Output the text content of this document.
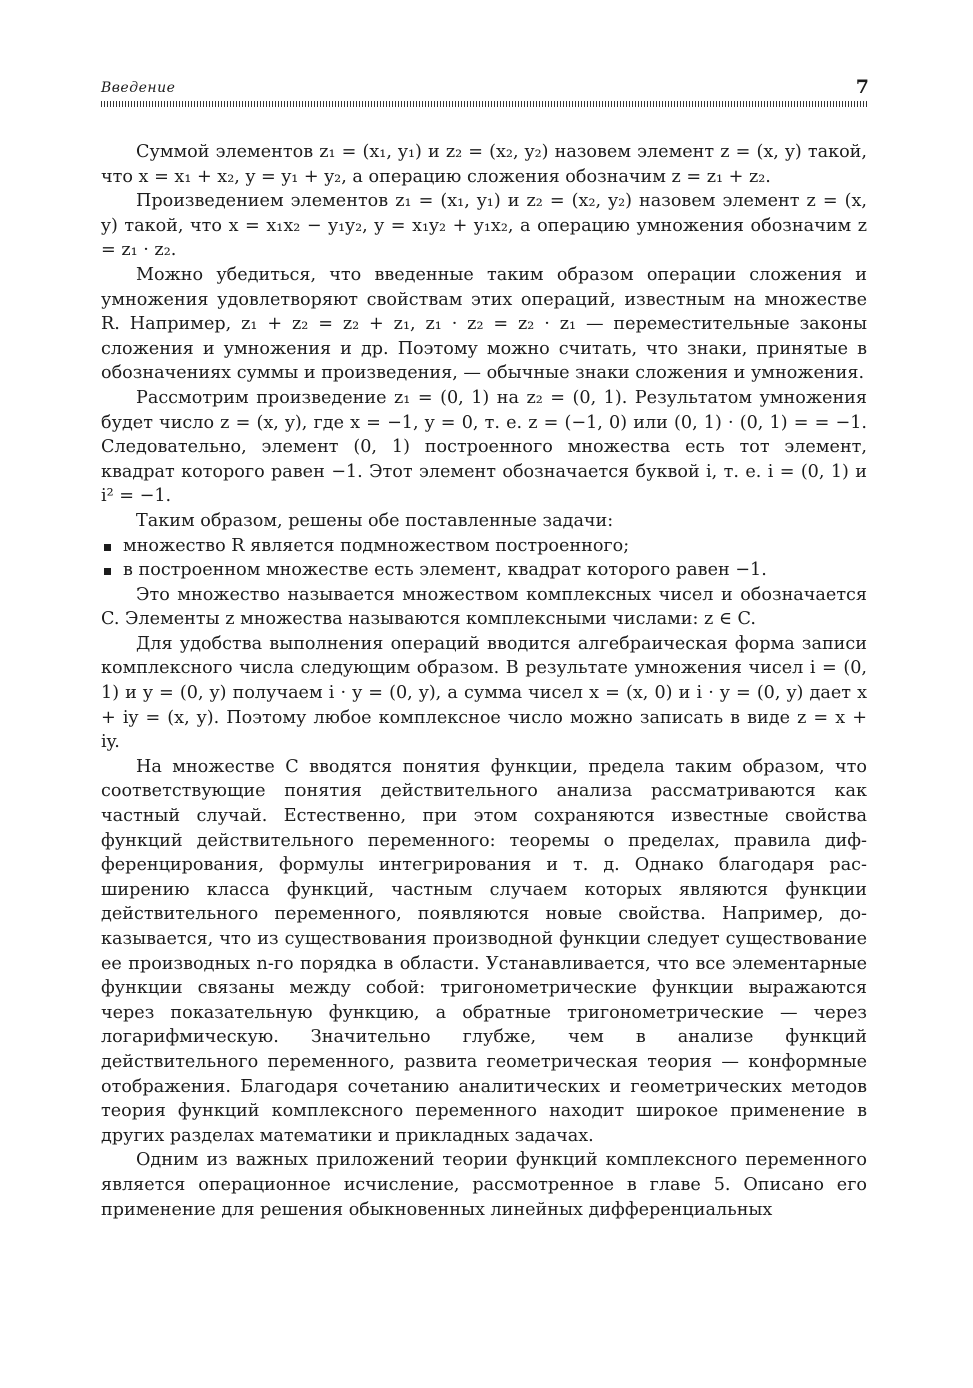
Введение	7

Суммой элементов z₁ = (x₁, y₁) и z₂ = (x₂, y₂) назовем элемент z = (x, y) такой, что x = x₁ + x₂, y = y₁ + y₂, а операцию сложения обозначим z = z₁ + z₂.

Произведением элементов z₁ = (x₁, y₁) и z₂ = (x₂, y₂) назовем элемент z = (x, y) такой, что x = x₁x₂ − y₁y₂, y = x₁y₂ + y₁x₂, а операцию умножения обозначим z = z₁ · z₂.

Можно убедиться, что введенные таким образом операции сложения и умножения удовлетворяют свойствам этих операций, известным на множестве R. Например, z₁ + z₂ = z₂ + z₁, z₁ · z₂ = z₂ · z₁ — переместительные законы сложения и умножения и др. Поэтому можно считать, что знаки, принятые в обозначениях суммы и произведения, — обычные знаки сложения и умножения.

Рассмотрим произведение z₁ = (0, 1) на z₂ = (0, 1). Результатом умножения будет число z = (x, y), где x = −1, y = 0, т. е. z = (−1, 0) или (0, 1) · (0, 1) = = −1. Следовательно, элемент (0, 1) построенного множества есть тот элемент, квадрат которого равен −1. Этот элемент обозначается буквой i, т. е. i = (0, 1) и i² = −1.

Таким образом, решены обе поставленные задачи:

множество R является подмножеством построенного;
в построенном множестве есть элемент, квадрат которого равен −1.

Это множество называется множеством комплексных чисел и обозначается C. Элементы z множества называются комплексными числами: z ∈ C.

Для удобства выполнения операций вводится алгебраическая форма записи комплексного числа следующим образом. В результате умножения чисел i = (0, 1) и y = (0, y) получаем i · y = (0, y), а сумма чисел x = (x, 0) и i · y = (0, y) дает x + iy = (x, y). Поэтому любое комплексное число можно записать в виде z = x + iy.

На множестве C вводятся понятия функции, предела таким образом, что соответствующие понятия действительного анализа рассматриваются как частный случай. Естественно, при этом сохраняются известные свойства функций действительного переменного: теоремы о пределах, правила дифференцирования, формулы интегрирования и т. д. Однако благодаря расширению класса функций, частным случаем которых являются функции действительного переменного, появляются новые свойства. Например, доказывается, что из существования производной функции следует существование ее производных n-го порядка в области. Устанавливается, что все элементарные функции связаны между собой: тригонометрические функции выражаются через показательную функцию, а обратные тригонометрические — через логарифмическую. Значительно глубже, чем в анализе функций действительного переменного, развита геометрическая теория — конформные отображения. Благодаря сочетанию аналитических и геометрических методов теория функций комплексного переменного находит широкое применение в других разделах математики и прикладных задачах.

Одним из важных приложений теории функций комплексного переменного является операционное исчисление, рассмотренное в главе 5. Описано его применение для решения обыкновенных линейных дифференциальных
